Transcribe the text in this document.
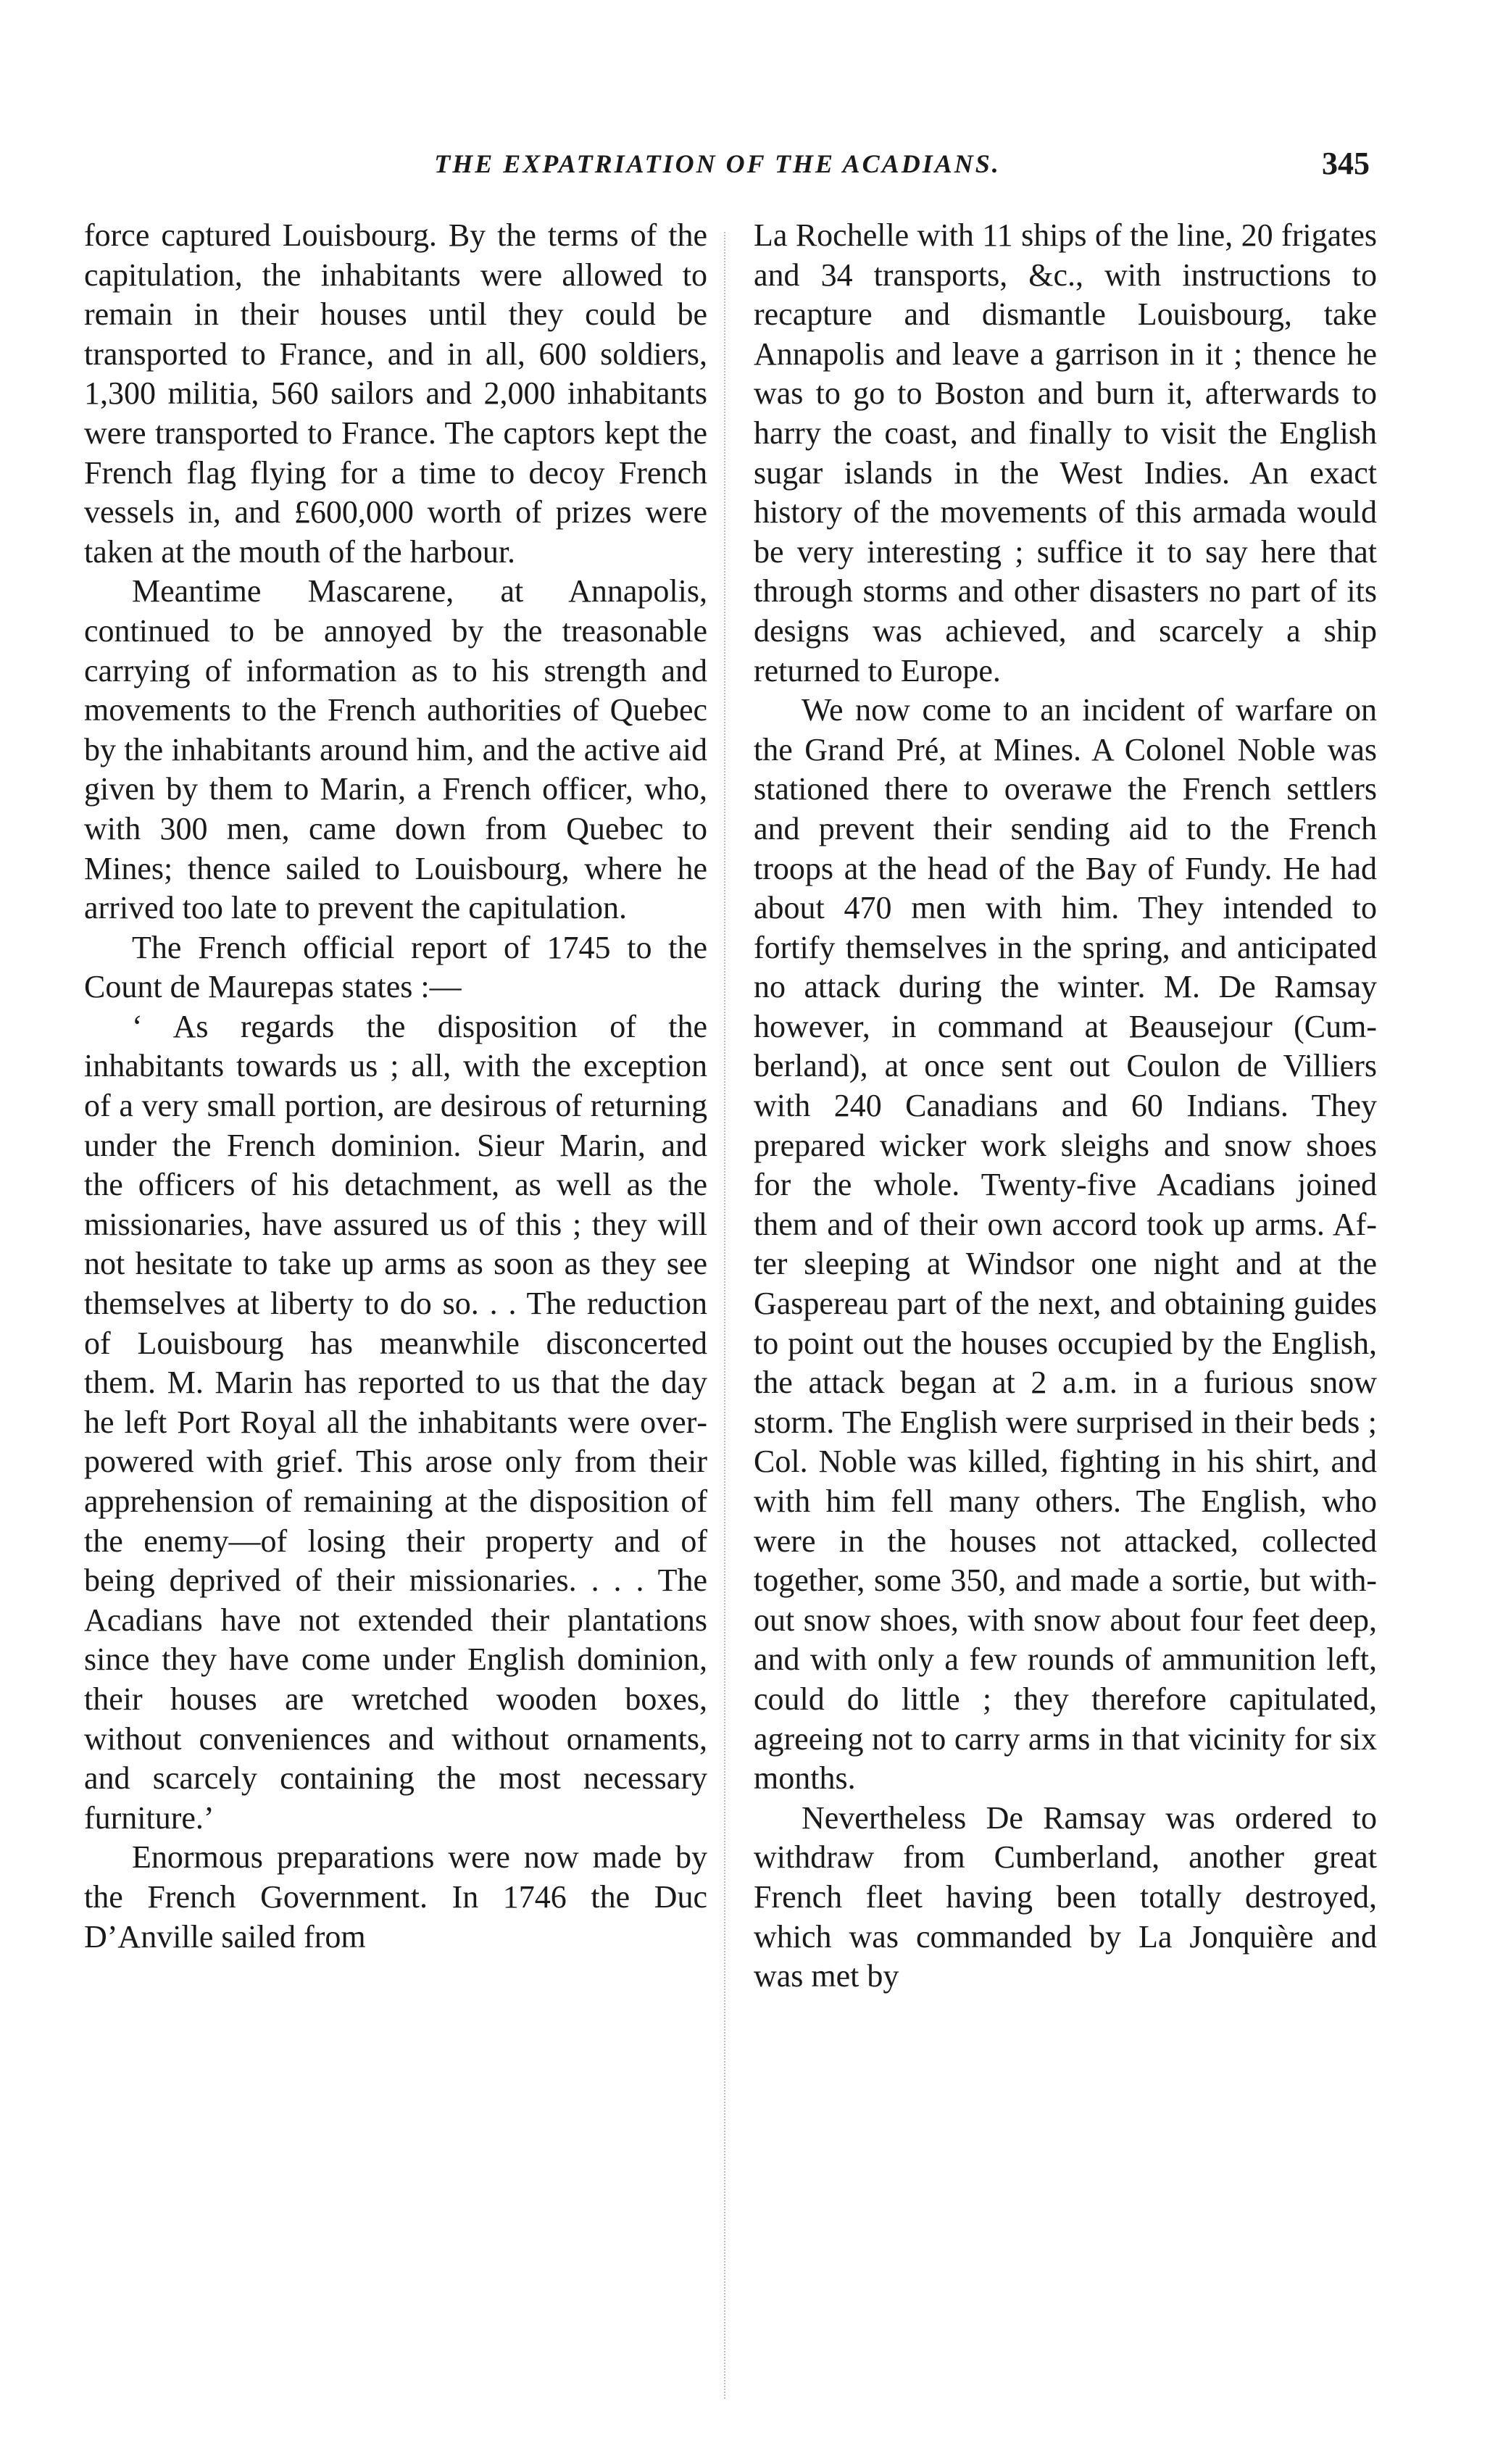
THE EXPATRIATION OF THE ACADIANS.	345

force captured Louisbourg. By the terms of the capitulation, the inhabitants were allowed to remain in their houses until they could be transported to France, and in all, 600 soldiers, 1,300 militia, 560 sailors and 2,000 inhabitants were transported to France. The captors kept the French flag flying for a time to decoy French vessels in, and £600,000 worth of prizes were taken at the mouth of the harbour.

Meantime Mascarene, at Annapolis, continued to be annoyed by the treasonable carrying of information as to his strength and movements to the French authorities of Quebec by the inhabitants around him, and the active aid given by them to Marin, a French officer, who, with 300 men, came down from Quebec to Mines; thence sailed to Louisbourg, where he arrived too late to prevent the capitulation.

The French official report of 1745 to the Count de Maurepas states :—

‘ As regards the disposition of the inhabitants towards us ; all, with the exception of a very small portion, are desirous of returning under the French dominion. Sieur Marin, and the officers of his detachment, as well as the missionaries, have assured us of this ; they will not hesitate to take up arms as soon as they see themselves at liberty to do so. . . The reduction of Louisbourg has meanwhile disconcerted them. M. Marin has reported to us that the day he left Port Royal all the inhabitants were overpowered with grief. This arose only from their apprehension of remaining at the disposition of the enemy—of losing their property and of being deprived of their missionaries. . . . The Acadians have not extended their plantations since they have come under English dominion, their houses are wretched wooden boxes, without conveniences and without ornaments, and scarcely containing the most necessary furniture.’

Enormous preparations were now made by the French Government. In 1746 the Duc D’Anville sailed from

La Rochelle with 11 ships of the line, 20 frigates and 34 transports, &c., with instructions to recapture and dismantle Louisbourg, take Annapolis and leave a garrison in it ; thence he was to go to Boston and burn it, afterwards to harry the coast, and finally to visit the English sugar islands in the West Indies. An exact history of the movements of this armada would be very interesting ; suffice it to say here that through storms and other disasters no part of its designs was achieved, and scarcely a ship returned to Europe.

We now come to an incident of warfare on the Grand Pré, at Mines. A Colonel Noble was stationed there to overawe the French settlers and prevent their sending aid to the French troops at the head of the Bay of Fundy. He had about 470 men with him. They intended to fortify themselves in the spring, and anticipated no attack during the winter. M. De Ramsay however, in command at Beausejour (Cumberland), at once sent out Coulon de Villiers with 240 Canadians and 60 Indians. They prepared wicker work sleighs and snow shoes for the whole. Twenty-five Acadians joined them and of their own accord took up arms. After sleeping at Windsor one night and at the Gaspereau part of the next, and obtaining guides to point out the houses occupied by the English, the attack began at 2 a.m. in a furious snow storm. The English were surprised in their beds ; Col. Noble was killed, fighting in his shirt, and with him fell many others. The English, who were in the houses not attacked, collected together, some 350, and made a sortie, but without snow shoes, with snow about four feet deep, and with only a few rounds of ammunition left, could do little ; they therefore capitulated, agreeing not to carry arms in that vicinity for six months.

Nevertheless De Ramsay was ordered to withdraw from Cumberland, another great French fleet having been totally destroyed, which was commanded by La Jonquière and was met by
